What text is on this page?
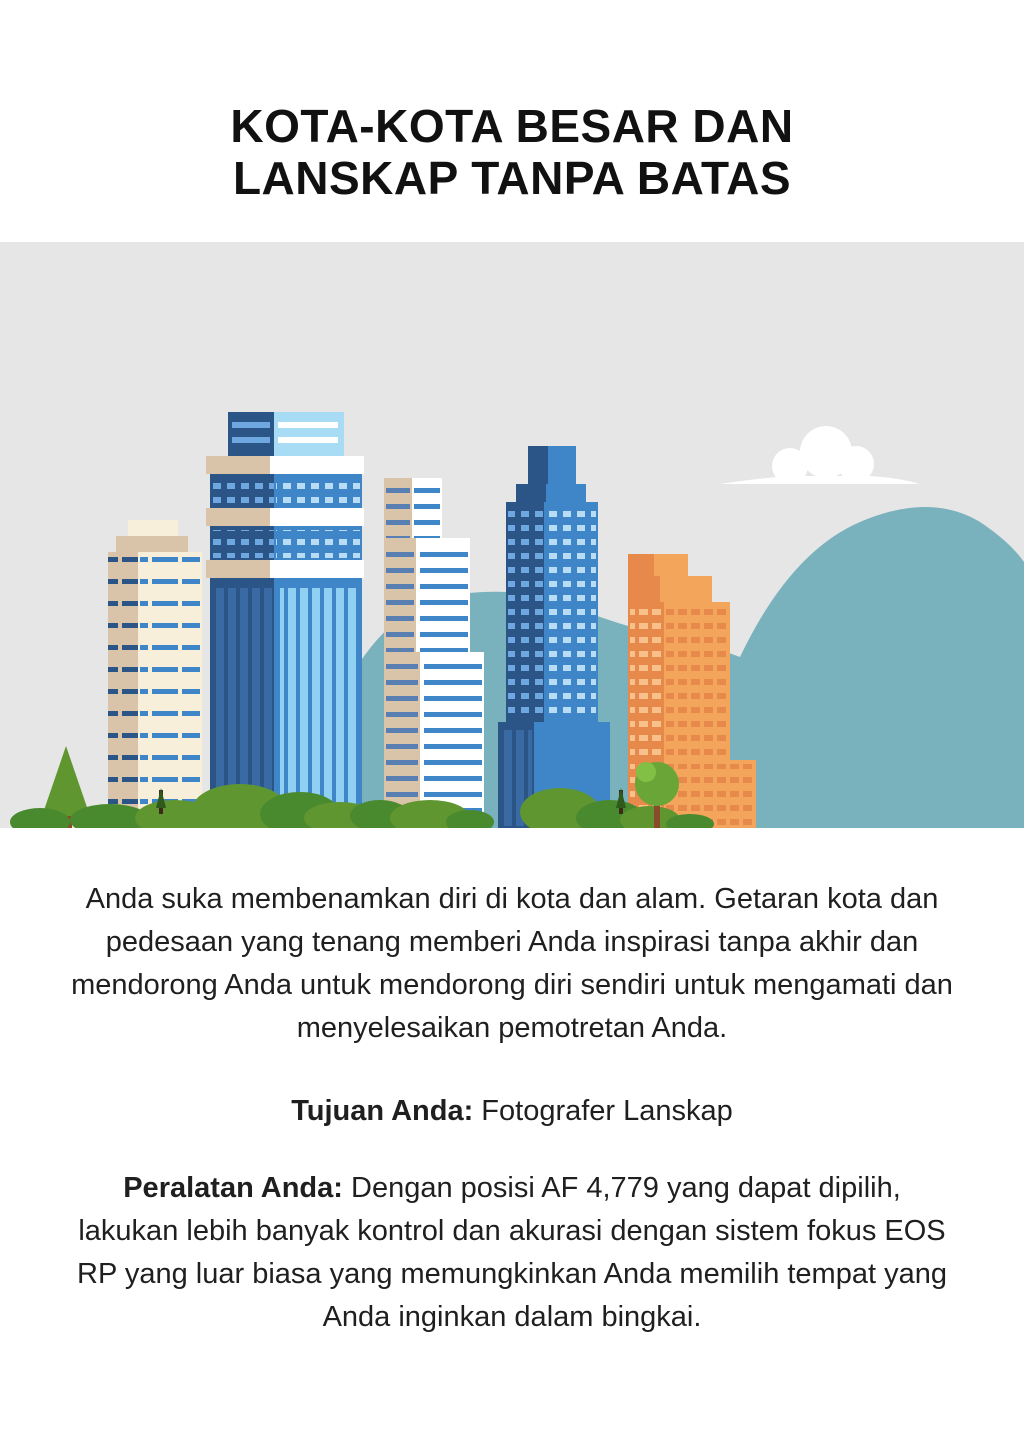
KOTA-KOTA BESAR DAN
LANSKAP TANPA BATAS

Anda suka membenamkan diri di kota dan alam. Getaran kota dan pedesaan yang tenang memberi Anda inspirasi tanpa akhir dan mendorong Anda untuk mendorong diri sendiri untuk mengamati dan menyelesaikan pemotretan Anda.

Tujuan Anda: Fotografer Lanskap

Peralatan Anda: Dengan posisi AF 4,779 yang dapat dipilih, lakukan lebih banyak kontrol dan akurasi dengan sistem fokus EOS RP yang luar biasa yang memungkinkan Anda memilih tempat yang Anda inginkan dalam bingkai.
